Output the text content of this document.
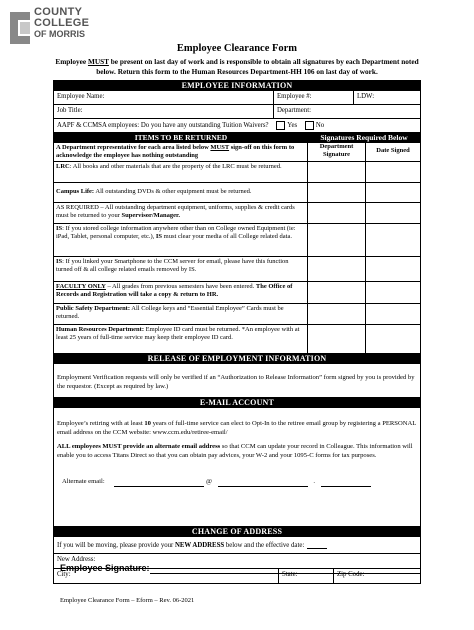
COUNTY
COLLEGE
OF MORRIS
Employee Clearance Form
Employee MUST be present on last day of work and is responsible to obtain all signatures by each Department noted below. Return this form to the Human Resources Department-HH 106 on last day of work.
EMPLOYEE INFORMATION
Employee Name:	Employee #:	LDW:
Job Title:	Department:
AAPF & CCMSA employees: Do you have any outstanding Tuition Waivers?	Yes	No
ITEMS TO BE RETURNED	Signatures Required Below
A Department representative for each area listed below MUST sign-off on this form to acknowledge the employee has nothing outstanding
Department Signature
Date Signed
LRC: All books and other materials that are the property of the LRC must be returned.
Campus Life: All outstanding DVDs & other equipment must be returned.
AS REQUIRED – All outstanding department equipment, uniforms, supplies & credit cards must be returned to your Supervisor/Manager.
IS: If you stored college information anywhere other than on College owned Equipment (ie: iPad, Tablet, personal computer, etc.), IS must clear your media of all College related data.
IS: If you linked your Smartphone to the CCM server for email, please have this function turned off & all college related emails removed by IS.
FACULTY ONLY – All grades from previous semesters have been entered. The Office of Records and Registration will take a copy & return to HR.
Public Safety Department: All College keys and “Essential Employee” Cards must be returned.
Human Resources Department: Employee ID card must be returned. *An employee with at least 25 years of full-time service may keep their employee ID card.
RELEASE OF EMPLOYMENT INFORMATION
Employment Verification requests will only be verified if an “Authorization to Release Information” form signed by you is provided by the requestor. (Except as required by law.)
E-MAIL ACCOUNT
Employee’s retiring with at least 10 years of full-time service can elect to Opt-In to the retiree email group by registering a PERSONAL email address on the CCM website: www.ccm.edu/retiree-email/
ALL employees MUST provide an alternate email address so that CCM can update your record in Colleague. This information will enable you to access Titans Direct so that you can obtain pay advices, your W-2 and your 1095-C forms for tax purposes.
Alternate email:	@	.
CHANGE OF ADDRESS
If you will be moving, please provide your NEW ADDRESS below and the effective date:
New Address:
City:	State:	Zip Code:
Employee Signature:
Employee Clearance Form – Eform – Rev. 06-2021
